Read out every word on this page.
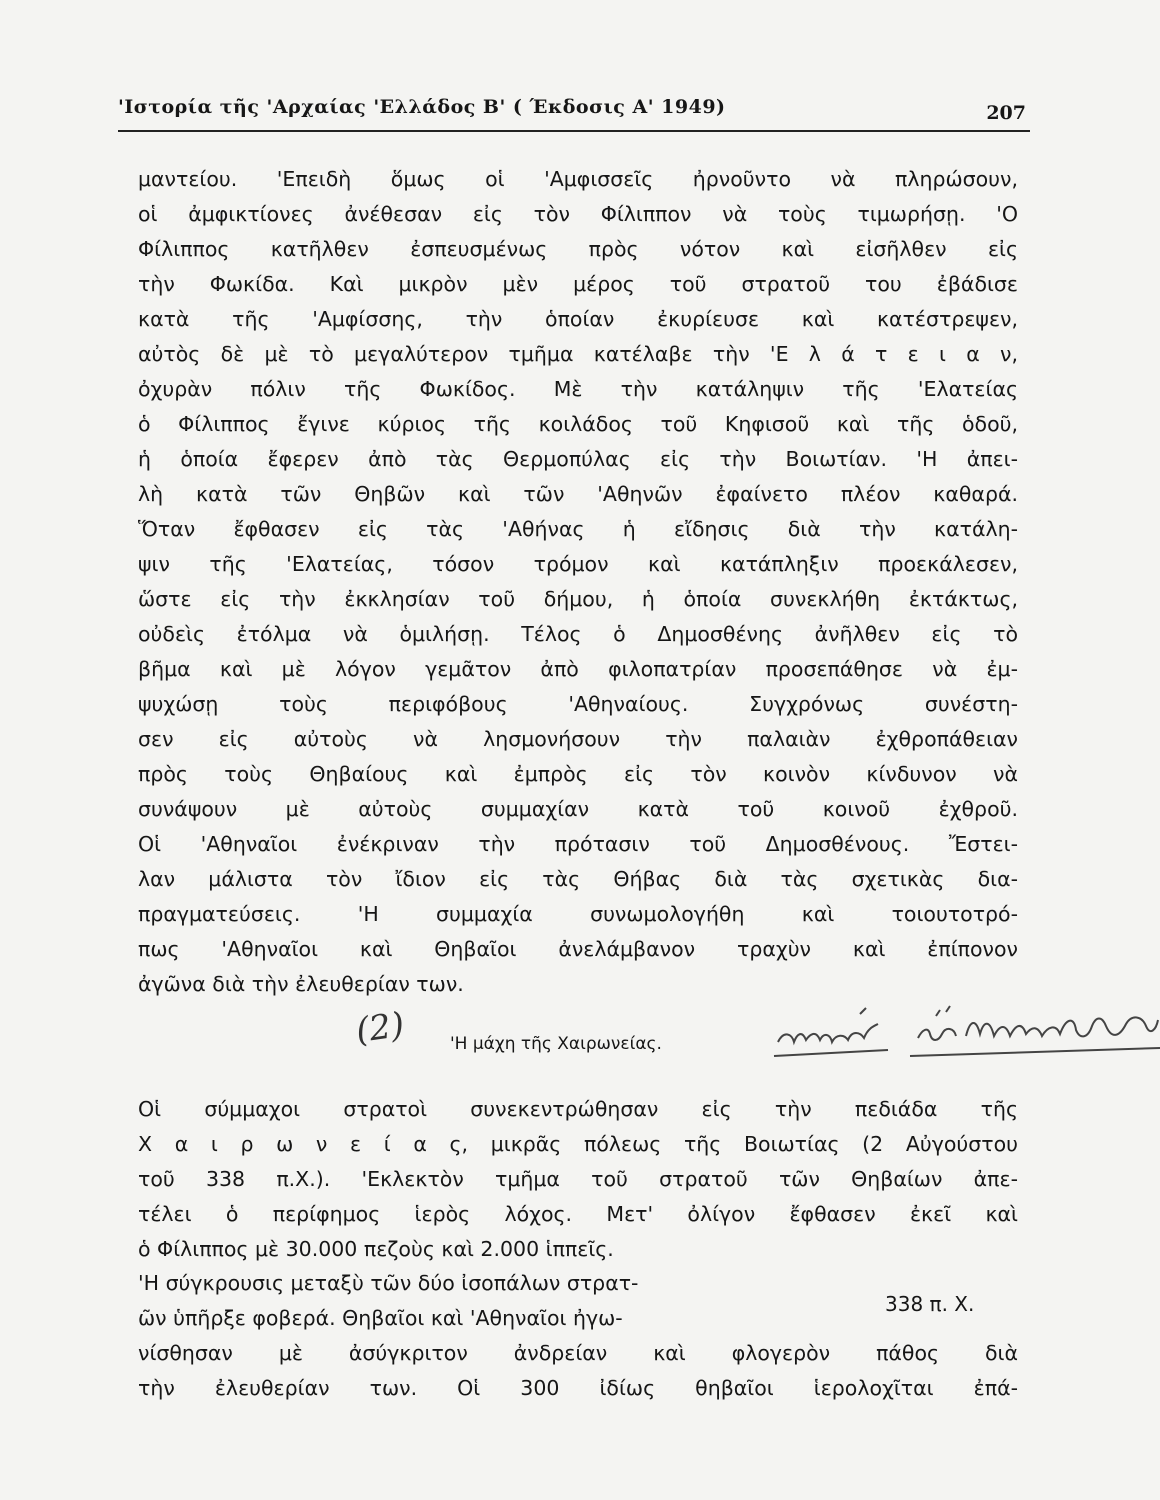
'Ιστορία τῆς 'Αρχαίας 'Ελλάδος Β' ( Έκδοσις Α' 1949)	207
μαντείου. 'Επειδὴ ὅμως οἱ 'Αμφισσεῖς ἠρνοῦντο νὰ πληρώσουν,
οἱ ἀμφικτίονες ἀνέθεσαν εἰς τὸν Φίλιππον νὰ τοὺς τιμωρήσῃ. 'Ο
Φίλιππος κατῆλθεν ἐσπευσμένως πρὸς νότον καὶ εἰσῆλθεν εἰς
τὴν Φωκίδα. Καὶ μικρὸν μὲν μέρος τοῦ στρατοῦ του ἐβάδισε
κατὰ τῆς 'Αμφίσσης, τὴν ὁποίαν ἐκυρίευσε καὶ κατέστρεψεν,
αὐτὸς δὲ μὲ τὸ μεγαλύτερον τμῆμα κατέλαβε τὴν 'Ε λ ά τ ε ι α ν,
ὀχυρὰν πόλιν τῆς Φωκίδος. Μὲ τὴν κατάληψιν τῆς 'Ελατείας
ὁ Φίλιππος ἔγινε κύριος τῆς κοιλάδος τοῦ Κηφισοῦ καὶ τῆς ὁδοῦ,
ἡ ὁποία ἔφερεν ἀπὸ τὰς Θερμοπύλας εἰς τὴν Βοιωτίαν. 'Η ἀπει-
λὴ κατὰ τῶν Θηβῶν καὶ τῶν 'Αθηνῶν ἐφαίνετο πλέον καθαρά.
Ὅταν ἔφθασεν εἰς τὰς 'Αθήνας ἡ εἴδησις διὰ τὴν κατάλη-
ψιν τῆς 'Ελατείας, τόσον τρόμον καὶ κατάπληξιν προεκάλεσεν,
ὥστε εἰς τὴν ἐκκλησίαν τοῦ δήμου, ἡ ὁποία συνεκλήθη ἐκτάκτως,
οὐδεὶς ἐτόλμα νὰ ὁμιλήσῃ. Τέλος ὁ Δημοσθένης ἀνῆλθεν εἰς τὸ
βῆμα καὶ μὲ λόγον γεμᾶτον ἀπὸ φιλοπατρίαν προσεπάθησε νὰ ἐμ-
ψυχώσῃ τοὺς περιφόβους 'Αθηναίους. Συγχρόνως συνέστη-
σεν εἰς αὐτοὺς νὰ λησμονήσουν τὴν παλαιὰν ἐχθροπάθειαν
πρὸς τοὺς Θηβαίους καὶ ἐμπρὸς εἰς τὸν κοινὸν κίνδυνον νὰ
συνάψουν μὲ αὐτοὺς συμμαχίαν κατὰ τοῦ κοινοῦ ἐχθροῦ.
Οἱ 'Αθηναῖοι ἐνέκριναν τὴν πρότασιν τοῦ Δημοσθένους. Ἔστει-
λαν μάλιστα τὸν ἴδιον εἰς τὰς Θήβας διὰ τὰς σχετικὰς δια-
πραγματεύσεις. 'Η συμμαχία συνωμολογήθη καὶ τοιουτοτρό-
πως 'Αθηναῖοι καὶ Θηβαῖοι ἀνελάμβανον τραχὺν καὶ ἐπίπονον
ἀγῶνα διὰ τὴν ἐλευθερίαν των.
(2)	'Η μάχη τῆς Χαιρωνείας.
Οἱ σύμμαχοι στρατοὶ συνεκεντρώθησαν εἰς τὴν πεδιάδα τῆς
Χ α ι ρ ω ν ε ί α ς, μικρᾶς πόλεως τῆς Βοιωτίας (2 Αὐγούστου
τοῦ 338 π.Χ.). 'Εκλεκτὸν τμῆμα τοῦ στρατοῦ τῶν Θηβαίων ἀπε-
τέλει ὁ περίφημος ἱερὸς λόχος. Μετ' ὀλίγον ἔφθασεν ἐκεῖ καὶ
ὁ Φίλιππος μὲ 30.000 πεζοὺς καὶ 2.000 ἱππεῖς.
'Η σύγκρουσις μεταξὺ τῶν δύο ἰσοπάλων στρατ-
ῶν ὑπῆρξε φοβερά. Θηβαῖοι καὶ 'Αθηναῖοι ἠγω-
νίσθησαν μὲ ἀσύγκριτον ἀνδρείαν καὶ φλογερὸν πάθος διὰ
τὴν ἐλευθερίαν των. Οἱ 300 ἰδίως θηβαῖοι ἱερολοχῖται ἐπά-
338 π. Χ.
